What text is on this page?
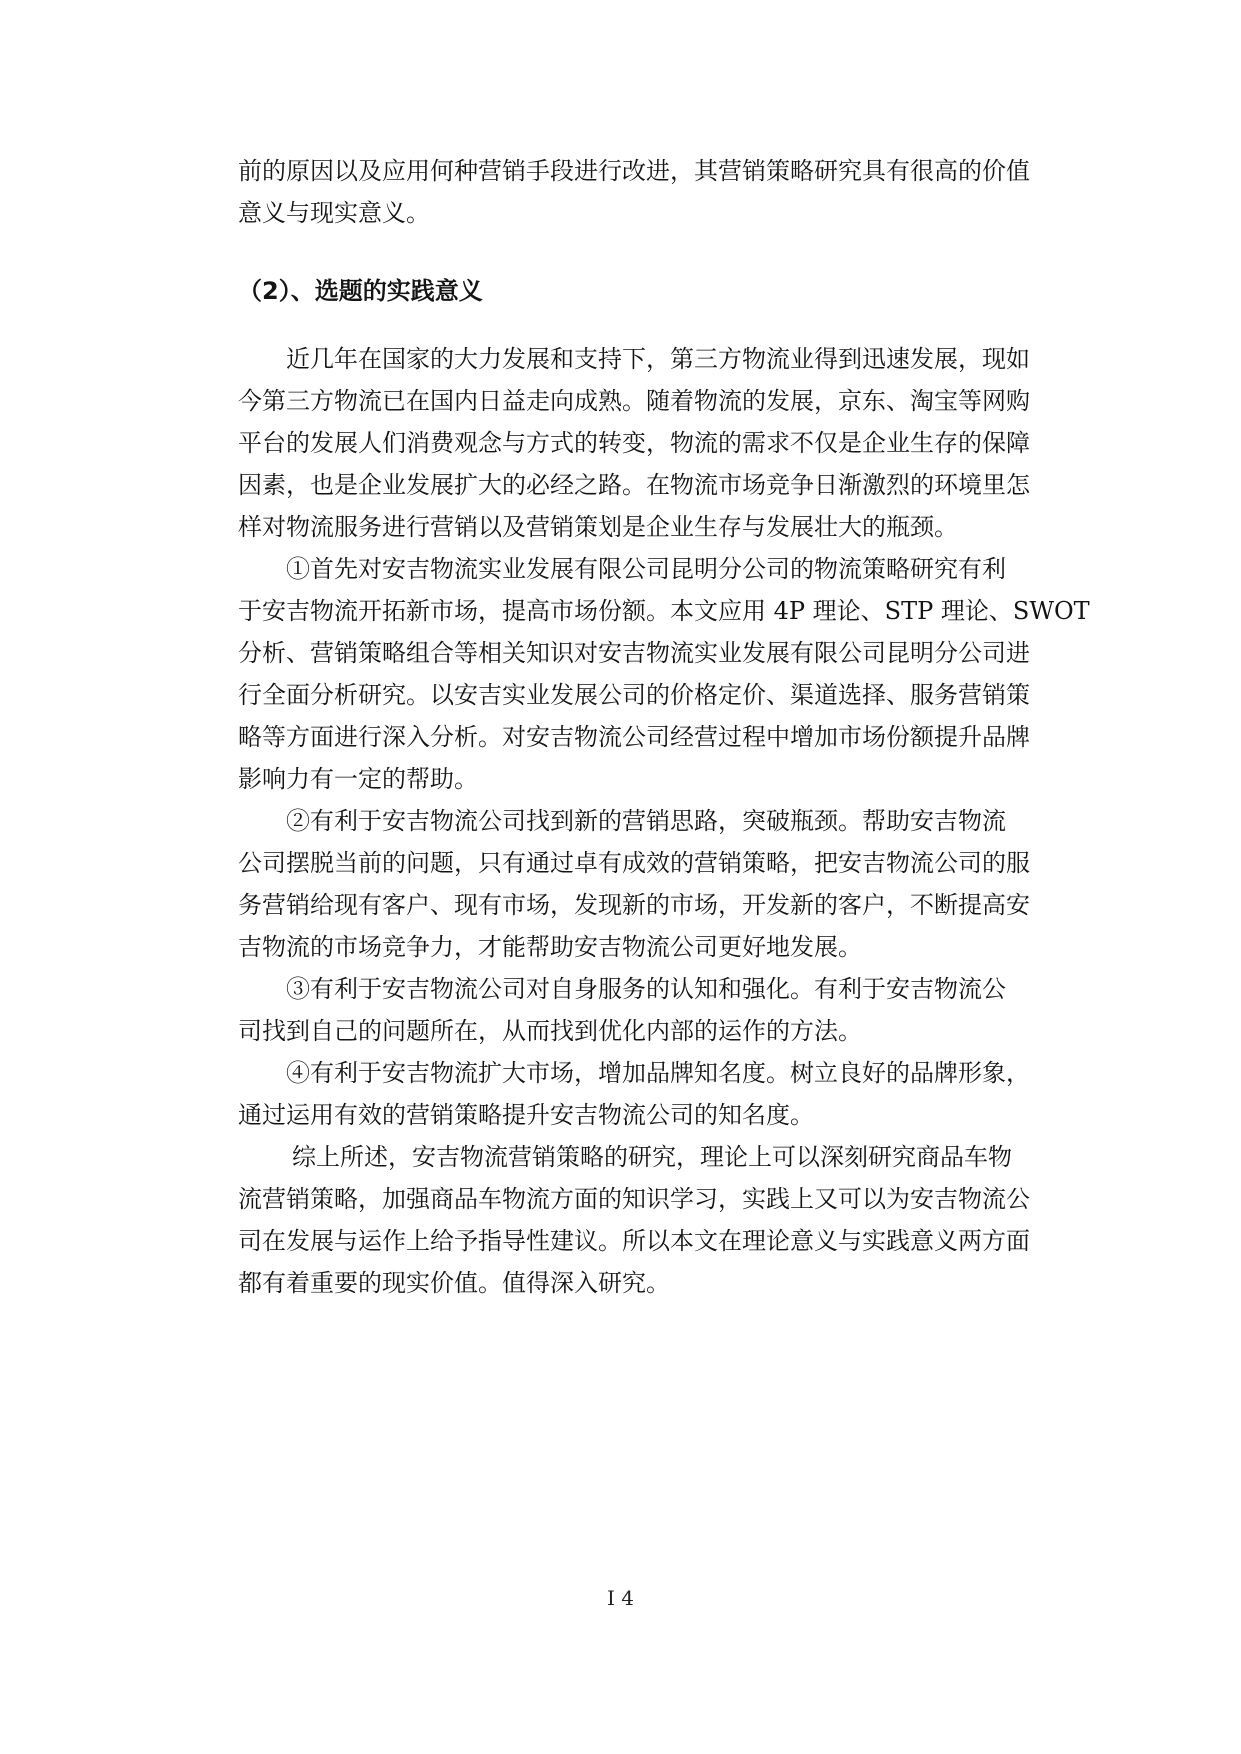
前的原因以及应用何种营销手段进行改进，其营销策略研究具有很高的价值
意义与现实意义。
（2）、选题的实践意义
近几年在国家的大力发展和支持下，第三方物流业得到迅速发展，现如
今第三方物流已在国内日益走向成熟。随着物流的发展，京东、淘宝等网购
平台的发展人们消费观念与方式的转变，物流的需求不仅是企业生存的保障
因素，也是企业发展扩大的必经之路。在物流市场竞争日渐激烈的环境里怎
样对物流服务进行营销以及营销策划是企业生存与发展壮大的瓶颈。
①首先对安吉物流实业发展有限公司昆明分公司的物流策略研究有利
于安吉物流开拓新市场，提高市场份额。本文应用 4P 理论、STP 理论、SWOT
分析、营销策略组合等相关知识对安吉物流实业发展有限公司昆明分公司进
行全面分析研究。以安吉实业发展公司的价格定价、渠道选择、服务营销策
略等方面进行深入分析。对安吉物流公司经营过程中增加市场份额提升品牌
影响力有一定的帮助。
②有利于安吉物流公司找到新的营销思路，突破瓶颈。帮助安吉物流
公司摆脱当前的问题，只有通过卓有成效的营销策略，把安吉物流公司的服
务营销给现有客户、现有市场，发现新的市场，开发新的客户，不断提高安
吉物流的市场竞争力，才能帮助安吉物流公司更好地发展。
③有利于安吉物流公司对自身服务的认知和强化。有利于安吉物流公
司找到自己的问题所在，从而找到优化内部的运作的方法。
④有利于安吉物流扩大市场，增加品牌知名度。树立良好的品牌形象，
通过运用有效的营销策略提升安吉物流公司的知名度。
综上所述，安吉物流营销策略的研究，理论上可以深刻研究商品车物
流营销策略，加强商品车物流方面的知识学习，实践上又可以为安吉物流公
司在发展与运作上给予指导性建议。所以本文在理论意义与实践意义两方面
都有着重要的现实价值。值得深入研究。
Ⅰ 4
